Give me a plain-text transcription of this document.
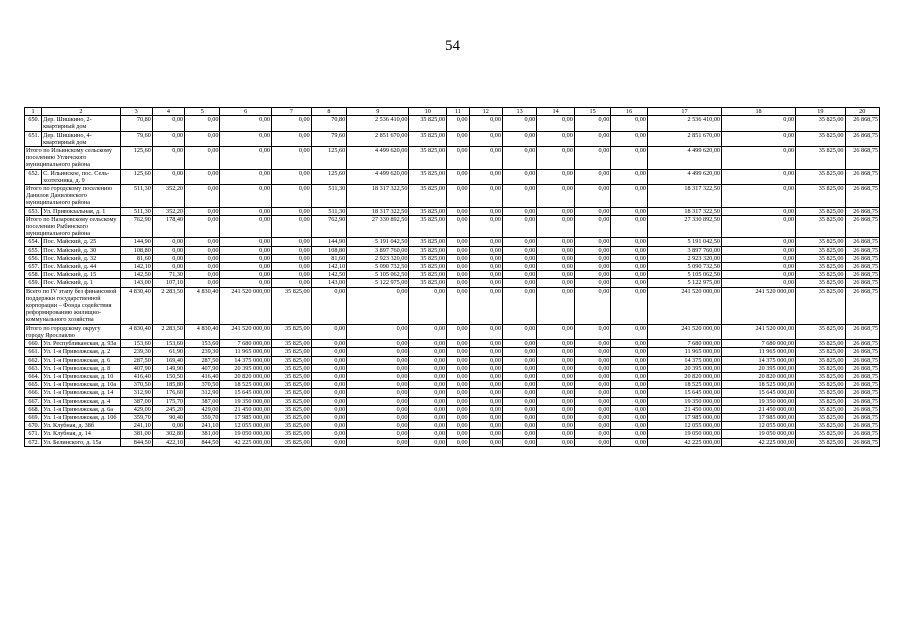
54
1	2	3	4	5	6	7	8	9	10	11	12	13	14	15	16	17	18	19	20
650.	Дер. Шишкино, 2-квартирный дом	70,80	0,00	0,00	0,00	0,00	70,80	2 536 410,00	35 825,00	0,00	0,00	0,00	0,00	0,00	0,00	2 536 410,00	0,00	35 825,00	26 868,75
651.	Дер. Шишкино, 4-квартирный дом	79,60	0,00	0,00	0,00	0,00	79,60	2 851 670,00	35 825,00	0,00	0,00	0,00	0,00	0,00	0,00	2 851 670,00	0,00	35 825,00	26 868,75
Итого по Ильинскому сельскому поселению Угличского муниципального района		125,60	0,00	0,00	0,00	0,00	125,60	4 499 620,00	35 825,00	0,00	0,00	0,00	0,00	0,00	0,00	4 499 620,00	0,00	35 825,00	26 868,75
652.	С. Ильинское, пос. Сель-хозтехника, д. 9	125,60	0,00	0,00	0,00	0,00	125,60	4 499 620,00	35 825,00	0,00	0,00	0,00	0,00	0,00	0,00	4 499 620,00	0,00	35 825,00	26 868,75
Итого по городскому поселению Данилов Даниловского муниципального района		511,30	352,20	0,00	0,00	0,00	511,30	18 317 322,50	35 825,00	0,00	0,00	0,00	0,00	0,00	0,00	18 317 322,50	0,00	35 825,00	26 868,75
653.	Ул. Привокзальная, д. 1	511,30	352,20	0,00	0,00	0,00	511,30	18 317 322,50	35 825,00	0,00	0,00	0,00	0,00	0,00	0,00	18 317 322,50	0,00	35 825,00	26 868,75
Итого по Назаровскому сельскому поселению Рыбинского муниципального района		762,90	178,40	0,00	0,00	0,00	762,90	27 330 892,50	35 825,00	0,00	0,00	0,00	0,00	0,00	0,00	27 330 892,50	0,00	35 825,00	26 868,75
654.	Пос. Майский, д. 25	144,90	0,00	0,00	0,00	0,00	144,90	5 191 042,50	35 825,00	0,00	0,00	0,00	0,00	0,00	0,00	5 191 042,50	0,00	35 825,00	26 868,75
655.	Пос. Майский, д. 30	108,80	0,00	0,00	0,00	0,00	108,80	3 897 760,00	35 825,00	0,00	0,00	0,00	0,00	0,00	0,00	3 897 760,00	0,00	35 825,00	26 868,75
656.	Пос. Майский, д. 32	81,60	0,00	0,00	0,00	0,00	81,60	2 923 320,00	35 825,00	0,00	0,00	0,00	0,00	0,00	0,00	2 923 320,00	0,00	35 825,00	26 868,75
657.	Пос. Майский, д. 44	142,10	0,00	0,00	0,00	0,00	142,10	5 090 732,50	35 825,00	0,00	0,00	0,00	0,00	0,00	0,00	5 090 732,50	0,00	35 825,00	26 868,75
658.	Пос. Майский, д. 15	142,50	71,30	0,00	0,00	0,00	142,50	5 105 062,50	35 825,00	0,00	0,00	0,00	0,00	0,00	0,00	5 105 062,50	0,00	35 825,00	26 868,75
659.	Пос. Майский, д. 1	143,00	107,10	0,00	0,00	0,00	143,00	5 122 975,00	35 825,00	0,00	0,00	0,00	0,00	0,00	0,00	5 122 975,00	0,00	35 825,00	26 868,75
Всего по IV этапу без финансовой поддержки государственной корпорации – Фонда содействия реформированию жилищно-коммунального хозяйства		4 830,40	2 283,50	4 830,40	241 520 000,00	35 825,00	0,00	0,00	0,00	0,00	0,00	0,00	0,00	0,00	0,00	241 520 000,00	241 520 000,00	35 825,00	26 868,75
Итого по городскому округу городу Ярославлю		4 830,40	2 283,50	4 830,40	241 520 000,00	35 825,00	0,00	0,00	0,00	0,00	0,00	0,00	0,00	0,00	0,00	241 520 000,00	241 520 000,00	35 825,00	26 868,75
660.	Ул. Республиканская, д. 93а	153,60	153,60	153,60	7 680 000,00	35 825,00	0,00	0,00	0,00	0,00	0,00	0,00	0,00	0,00	0,00	7 680 000,00	7 680 000,00	35 825,00	26 868,75
661.	Ул. 1-я Приволжская, д. 2	239,30	61,90	239,30	11 965 000,00	35 825,00	0,00	0,00	0,00	0,00	0,00	0,00	0,00	0,00	0,00	11 965 000,00	11 965 000,00	35 825,00	26 868,75
662.	Ул. 1-я Приволжская, д. 6	287,50	169,40	287,50	14 375 000,00	35 825,00	0,00	0,00	0,00	0,00	0,00	0,00	0,00	0,00	0,00	14 375 000,00	14 375 000,00	35 825,00	26 868,75
663.	Ул. 1-я Приволжская, д. 8	407,90	149,90	407,90	20 395 000,00	35 825,00	0,00	0,00	0,00	0,00	0,00	0,00	0,00	0,00	0,00	20 395 000,00	20 395 000,00	35 825,00	26 868,75
664.	Ул. 1-я Приволжская, д. 10	416,40	150,50	416,40	20 820 000,00	35 825,00	0,00	0,00	0,00	0,00	0,00	0,00	0,00	0,00	0,00	20 820 000,00	20 820 000,00	35 825,00	26 868,75
665.	Ул. 1-я Приволжская, д. 10а	370,50	185,80	370,50	18 525 000,00	35 825,00	0,00	0,00	0,00	0,00	0,00	0,00	0,00	0,00	0,00	18 525 000,00	18 525 000,00	35 825,00	26 868,75
666.	Ул. 1-я Приволжская, д. 14	312,90	176,60	312,90	15 645 000,00	35 825,00	0,00	0,00	0,00	0,00	0,00	0,00	0,00	0,00	0,00	15 645 000,00	15 645 000,00	35 825,00	26 868,75
667.	Ул. 1-я Приволжская, д. 4	387,00	175,70	387,00	19 350 000,00	35 825,00	0,00	0,00	0,00	0,00	0,00	0,00	0,00	0,00	0,00	19 350 000,00	19 350 000,00	35 825,00	26 868,75
668.	Ул. 1-я Приволжская, д. 6а	429,00	245,20	429,00	21 450 000,00	35 825,00	0,00	0,00	0,00	0,00	0,00	0,00	0,00	0,00	0,00	21 450 000,00	21 450 000,00	35 825,00	26 868,75
669.	Ул. 1-я Приволжская, д. 10б	359,70	90,40	359,70	17 985 000,00	35 825,00	0,00	0,00	0,00	0,00	0,00	0,00	0,00	0,00	0,00	17 985 000,00	17 985 000,00	35 825,00	26 868,75
670.	Ул. Клубная, д. 38б	241,10	0,00	241,10	12 055 000,00	35 825,00	0,00	0,00	0,00	0,00	0,00	0,00	0,00	0,00	0,00	12 055 000,00	12 055 000,00	35 825,00	26 868,75
671.	Ул. Клубная, д. 14	381,00	302,80	381,00	19 050 000,00	35 825,00	0,00	0,00	0,00	0,00	0,00	0,00	0,00	0,00	0,00	19 050 000,00	19 050 000,00	35 825,00	26 868,75
672.	Ул. Белинского, д. 15а	844,50	422,10	844,50	42 225 000,00	35 825,00	0,00	0,00	0,00	0,00	0,00	0,00	0,00	0,00	0,00	42 225 000,00	42 225 000,00	35 825,00	26 868,75
